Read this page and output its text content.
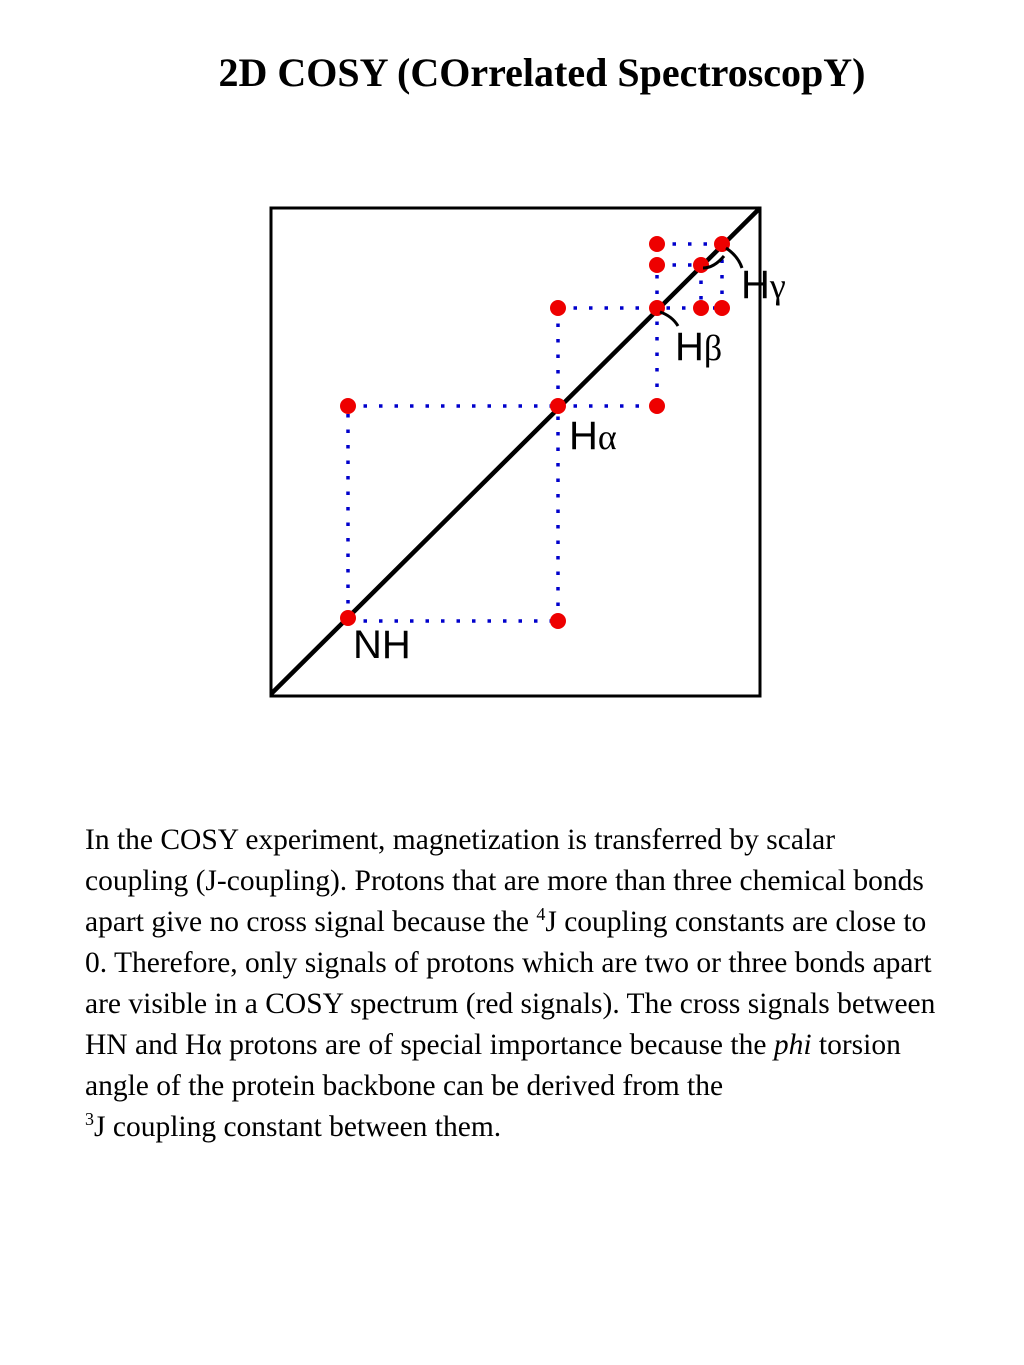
2D COSY (COrrelated SpectroscopY)
NH
Hα
Hβ
Hγ

In the COSY experiment, magnetization is transferred by scalar coupling (J-coupling). Protons that are more than three chemical bonds apart give no cross signal because the $^4$J coupling constants are close to 0. Therefore, only signals of protons which are two or three bonds apart are visible in a COSY spectrum (red signals). The cross signals between HN and Hα protons are of special importance because the phi torsion angle of the protein backbone can be derived from the
$^3$J coupling constant between them.
